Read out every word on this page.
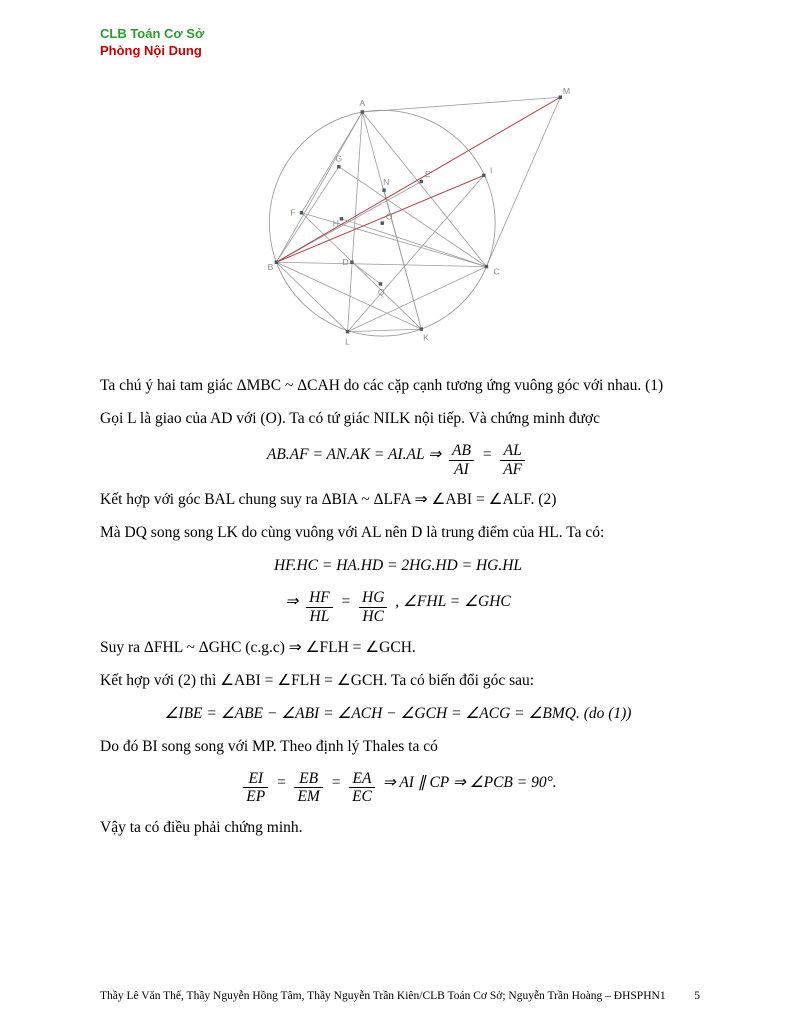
CLB Toán Cơ Sở
Phòng Nội Dung
A
M
G
N
E	I
F	O
H
B
D
Q
C
K
L

Ta chú ý hai tam giác ΔMBC ~ ΔCAH do các cặp cạnh tương ứng vuông góc với nhau. (1)

Gọi L là giao của AD với (O). Ta có tứ giác NILK nội tiếp. Và chứng minh được

AB.AF = AN.AK = AI.AL ⇒ $\frac{AB}{AI} = \frac{AL}{AF}$

Kết hợp với góc BAL chung suy ra ΔBIA ~ ΔLFA ⇒ ∠ABI = ∠ALF. (2)

Mà DQ song song LK do cùng vuông với AL nên D là trung điểm của HL. Ta có:

HF.HC = HA.HD = 2HG.HD = HG.HL
⇒ $\frac{HF}{HL} = \frac{HG}{HC}$ , ∠FHL = ∠GHC

Suy ra ΔFHL ~ ΔGHC (c.g.c) ⇒ ∠FLH = ∠GCH.

Kết hợp với (2) thì ∠ABI = ∠FLH = ∠GCH. Ta có biến đổi góc sau:

∠IBE = ∠ABE − ∠ABI = ∠ACH − ∠GCH = ∠ACG = ∠BMQ. (do (1))

Do đó BI song song với MP. Theo định lý Thales ta có

$\frac{EI}{EP} = \frac{EB}{EM} = \frac{EA}{EC}$ ⇒ AI ∥ CP ⇒ ∠PCB = 90°.

Vậy ta có điều phải chứng minh.

Thầy Lê Văn Thế, Thầy Nguyễn Hồng Tâm, Thầy Nguyễn Trần Kiên/CLB Toán Cơ Sở; Nguyễn Trần Hoàng – ĐHSPHN1 5
